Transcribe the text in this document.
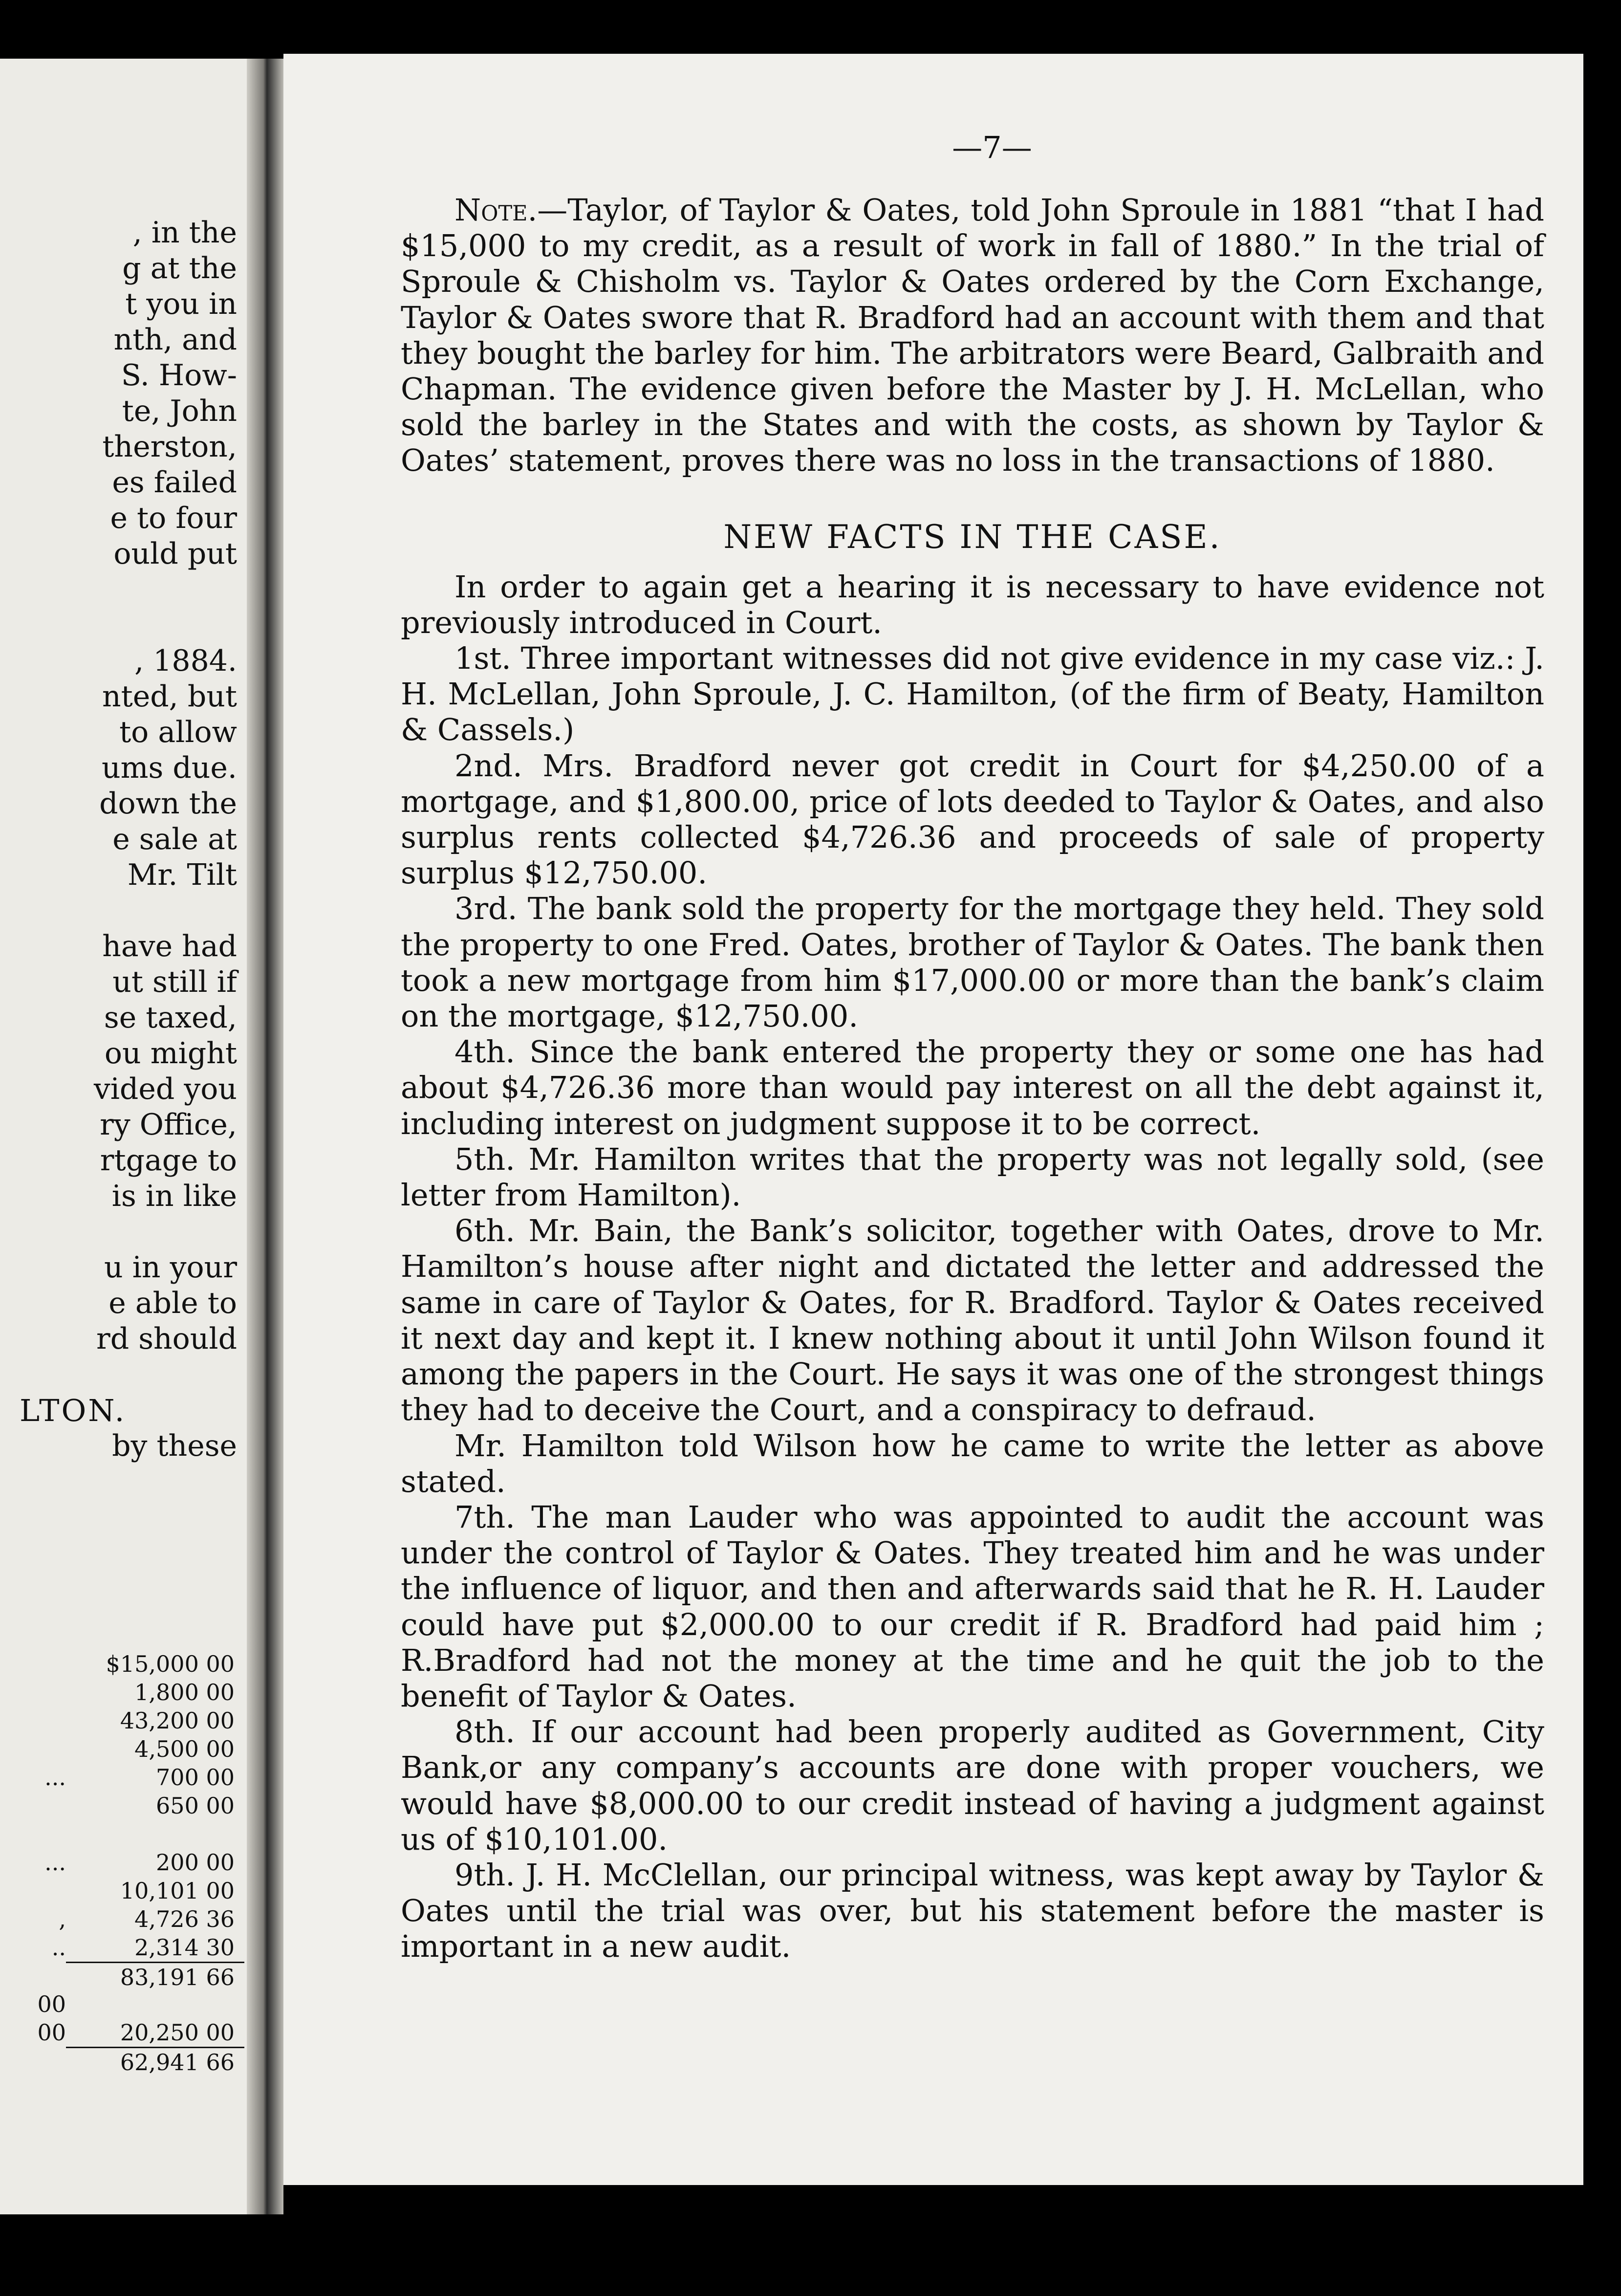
, in the
g at the
t you in
nth, and
S. How-
te, John
therston,
es failed
e to four
ould put
, 1884.
nted, but
to allow
ums due.
down the
e sale at
Mr. Tilt
have had
ut still if
se taxed,
ou might
vided you
ry Office,
rtgage to
is in like
u in your
e able to
rd should
LTON.
by these
$15,000 00
1,800 00
43,200 00
4,500 00
...	700 00
650 00
...	200 00
10,101 00
,	4,726 36
..	2,314 30
83,191 66
00
00	20,250 00
62,941 66
—7—

Note.—Taylor, of Taylor & Oates, told John Sproule in 1881 “that I had $15,000 to my credit, as a result of work in fall of 1880.” In the trial of Sproule & Chisholm vs. Taylor & Oates ordered by the Corn Exchange, Taylor & Oates swore that R. Bradford had an account with them and that they bought the barley for him. The arbitrators were Beard, Galbraith and Chapman. The evidence given before the Master by J. H. McLellan, who sold the barley in the States and with the costs, as shown by Taylor & Oates’ statement, proves there was no loss in the transactions of 1880.

NEW FACTS IN THE CASE.

In order to again get a hearing it is necessary to have evidence not previously introduced in Court.

1st. Three important witnesses did not give evidence in my case viz.: J. H. McLellan, John Sproule, J. C. Hamilton, (of the firm of Beaty, Hamilton & Cassels.)

2nd. Mrs. Bradford never got credit in Court for $4,250.00 of a mortgage, and $1,800.00, price of lots deeded to Taylor & Oates, and also surplus rents collected $4,726.36 and proceeds of sale of property surplus $12,750.00.

3rd. The bank sold the property for the mortgage they held. They sold the property to one Fred. Oates, brother of Taylor & Oates. The bank then took a new mortgage from him $17,000.00 or more than the bank’s claim on the mortgage, $12,750.00.

4th. Since the bank entered the property they or some one has had about $4,726.36 more than would pay interest on all the debt against it, including interest on judgment suppose it to be correct.

5th. Mr. Hamilton writes that the property was not legally sold, (see letter from Hamilton).

6th. Mr. Bain, the Bank’s solicitor, together with Oates, drove to Mr. Hamilton’s house after night and dictated the letter and addressed the same in care of Taylor & Oates, for R. Bradford. Taylor & Oates received it next day and kept it. I knew nothing about it until John Wilson found it among the papers in the Court. He says it was one of the strongest things they had to deceive the Court, and a conspiracy to defraud.

Mr. Hamilton told Wilson how he came to write the letter as above stated.

7th. The man Lauder who was appointed to audit the account was under the control of Taylor & Oates. They treated him and he was under the influence of liquor, and then and afterwards said that he R. H. Lauder could have put $2,000.00 to our credit if R. Bradford had paid him ; R.Bradford had not the money at the time and he quit the job to the benefit of Taylor & Oates.

8th. If our account had been properly audited as Government, City Bank,or any company’s accounts are done with proper vouchers, we would have $8,000.00 to our credit instead of having a judgment against us of $10,101.00.

9th. J. H. McClellan, our principal witness, was kept away by Taylor & Oates until the trial was over, but his statement before the master is important in a new audit.
